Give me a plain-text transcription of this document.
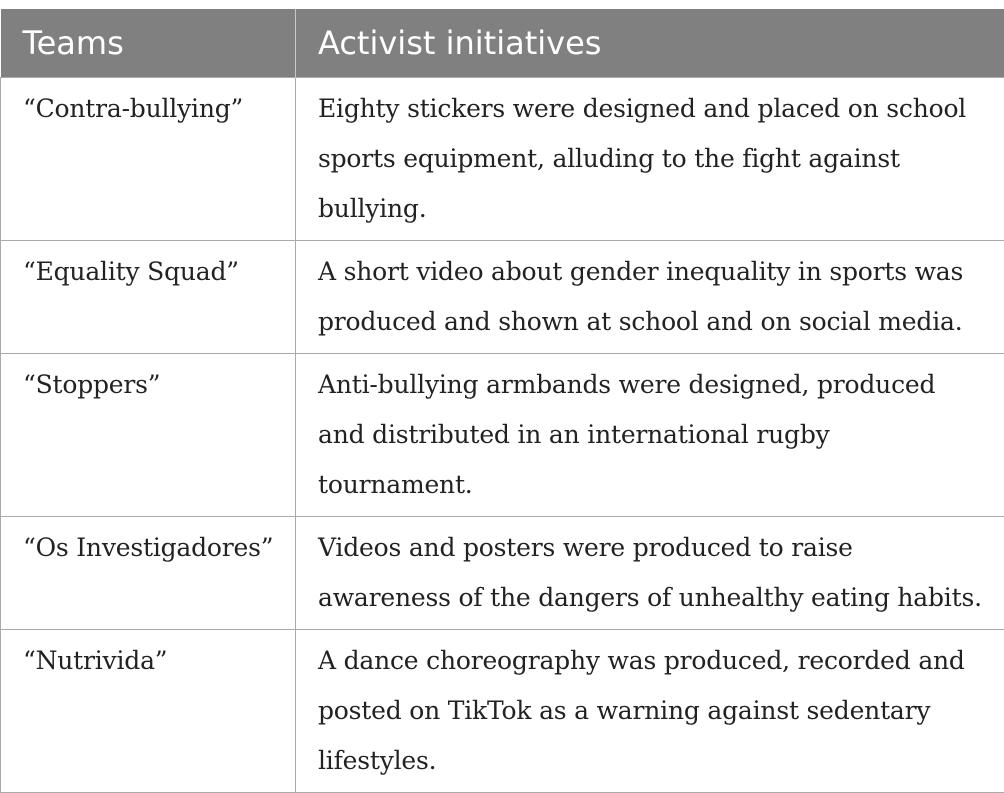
Teams	Activist initiatives
“Contra-bullying”	Eighty stickers were designed and placed on school sports equipment, alluding to the fight against bullying.
“Equality Squad”	A short video about gender inequality in sports was produced and shown at school and on social media.
“Stoppers”	Anti-bullying armbands were designed, produced and distributed in an international rugby tournament.
“Os Investigadores”	Videos and posters were produced to raise awareness of the dangers of unhealthy eating habits.
“Nutrivida”	A dance choreography was produced, recorded and posted on TikTok as a warning against sedentary lifestyles.
